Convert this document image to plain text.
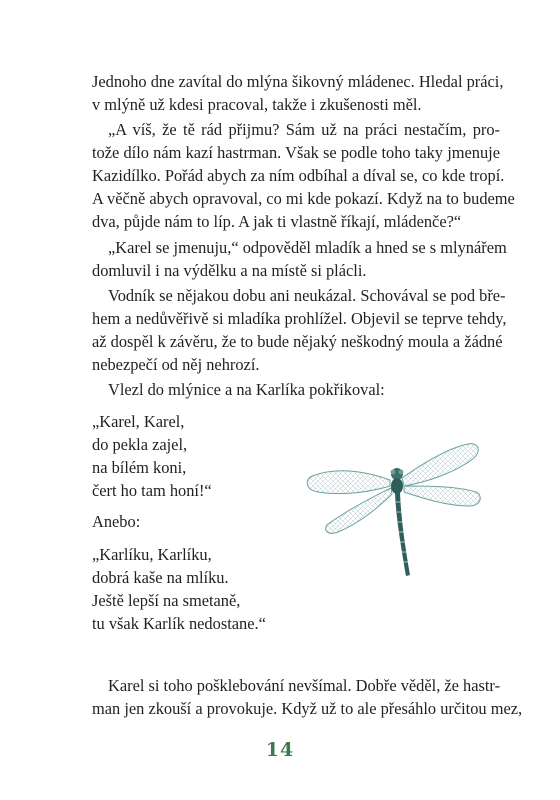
Jednoho dne zavítal do mlýna šikovný mládenec. Hledal práci,
v mlýně už kdesi pracoval, takže i zkušenosti měl.

„A víš, že tě rád přijmu? Sám už na práci nestačím, pro-
tože dílo nám kazí hastrman. Však se podle toho taky jmenuje
Kazidílko. Pořád abych za ním odbíhal a díval se, co kde tropí.
A věčně abych opravoval, co mi kde pokazí. Když na to budeme
dva, půjde nám to líp. A jak ti vlastně říkají, mládenče?“

„Karel se jmenuju,“ odpověděl mladík a hned se s mlynářem
domluvil i na výdělku a na místě si plácli.

Vodník se nějakou dobu ani neukázal. Schovával se pod bře-
hem a nedůvěřivě si mladíka prohlížel. Objevil se teprve tehdy,
až dospěl k závěru, že to bude nějaký neškodný moula a žádné
nebezpečí od něj nehrozí.

Vlezl do mlýnice a na Karlíka pokřikoval:

„Karel, Karel,
do pekla zajel,
na bílém koni,
čert ho tam honí!“

Anebo:

„Karlíku, Karlíku,
dobrá kaše na mlíku.
Ještě lepší na smetaně,
tu však Karlík nedostane.“

Karel si toho pošklebování nevšímal. Dobře věděl, že hastr-
man jen zkouší a provokuje. Když už to ale přesáhlo určitou mez,

14
